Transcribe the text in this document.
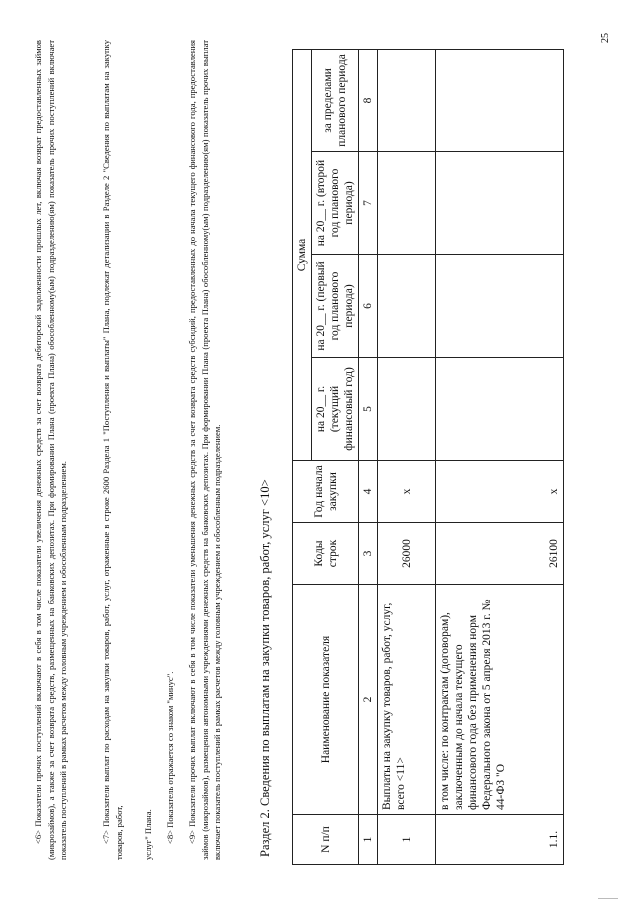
<6> Показатели прочих поступлений включают в себя в том числе показатели увеличения денежных средств за счет возврата дебиторской задолженности прошлых лет, включая возврат предоставленных займов (микрозаймов), а также за счет возврата средств, размещенных на банковских депозитах. При формировании Плана (проекта Плана) обособленному(ым) подразделению(ям) показатель прочих поступлений включает показатель поступлений в рамках расчетов между головным учреждением и обособленным подразделением.	<7> Показатели выплат по расходам на закупки товаров, работ, услуг, отраженные в строке 2600 Раздела 1 "Поступления и выплаты" Плана, подлежат детализации в Разделе 2 "Сведения по выплатам на закупку товаров, работ, услуг" Плана. <8> Показатель отражается со знаком "минус". <9> Показатели прочих выплат включают в себя в том числе показатели уменьшения денежных средств за счет возврата средств субсидий, предоставленных до начала текущего финансового года, предоставления займов (микрозаймов), размещения автономными учреждениями денежных средств на банковских депозитах. При формировании Плана (проекта Плана) обособленному(ым) подразделению(ям) показатель прочих выплат включает показатель поступлений в рамках расчетов между головным учреждением и обособленным подразделением.	Раздел 2. Сведения по выплатам на закупки товаров, работ, услуг <10>	N п/п	Наименование показателя	Коды строк	Год начала закупки	Сумма			
				на 20__ г. (текущий финансовый год)	на 20__ г. (первый год планового периода)	на 20__ г. (второй год планового периода)	за пределами планового периода
1	2	3	4	5	6	7	8
1	Выплаты на закупку товаров, работ, услуг, всего <11>	26000	x				
1.1.	в том числе: по контрактам (договорам), заключенным до начала текущего финансового года без применения норм Федерального закона от 5 апреля 2013 г. № 44-ФЗ "О	26100	x				
25
